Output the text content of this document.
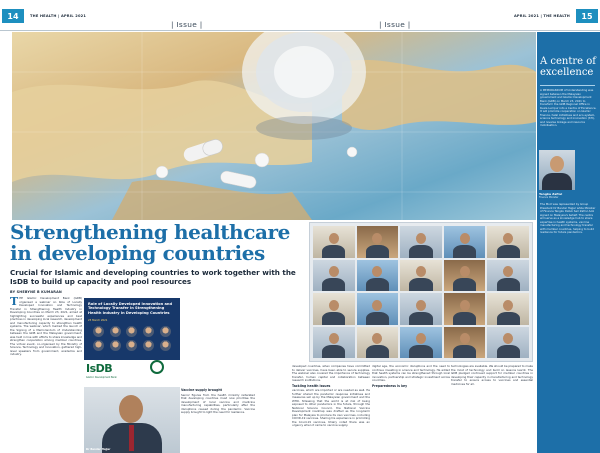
14	THE HEALTH | APRIL 2021	APRIL 2021 | THE HEALTH	15
| Issue |	| Issue |
A centre of excellence
A MEMORANDUM of Understanding was signed between the Malaysian government and Islamic Development Bank (IsDB) on March 23, 2021 to transform the IsDB Regional Office in Kuala Lumpur into a Centre of Excellence. It will promote cooperation on Islamic finance, halal initiatives and eco-system, science technology and innovation (STI), and reverse linkage and resource mobilisation.
Tengku Zafrul
Finance Minister
The MoU was represented by Group President Dr Bandar Hajjar while Minister of Finance Tengku Datuk Seri Zafrul Aziz signed on Malaysia's behalf. The centre will serve as a knowledge hub to share expertise in health systems, vaccine manufacturing and technology transfer with member countries, helping to build resilience for future pandemics.
Strengthening healthcare in developing countries
Crucial for Islamic and developing countries to work together with the IsDB to build up capacity and pool resources
BY SHEBYNE B KUMARAN
T HE Islamic Development Bank (IsDB) organised a webinar on Role of Locally Developed Innovation and Technology Transfer in Strengthening Health Industry in Developing Countries on March 23, 2021, aimed at highlighting successful experiences and best practices in developing local research, development and manufacturing capacity to strengthen health systems. The webinar, which marked the launch of the Signing of a Memorandum of Understanding between the IsDB and the Malaysian government, was held in line with efforts to share knowledge and strengthen cooperation among member countries. The virtual event, co-organised by the Ministry of Science, Technology and Innovation, gathered high-level speakers from government, academia and industry.
Vaccine supply brought
Senior figures from the health ministry reiterated that developing countries must now prioritise the development of local vaccine and medicine manufacturing capabilities, particularly after the disruptions caused during the pandemic. Vaccine supply brought to light the need for resilience.
developed countries, when companies have committed to deliver vaccines, have been able to secure supplies. The webinar also covered the importance of technology transfer, human capital and collaboration between research institutions.
Tackling health issues
vaccines, which are imported or are needed as well. He further shared the pandemic response initiatives and measures set up by the Malaysian government and the WHO. Stressing that the world is at risk of being exposed to other pandemics in the future, through the National Science Council, the National Vaccine Development roadmap was drafted as the long-term plan for Malaysia to produce its own vaccines, including COVID-19 vaccines. Sharing his experience in promoting the Covid-19 vaccines, Khairy noted there was an urgency when it came to vaccine supply.
digital age, the economic disruptions and the need to continue investing in science and technology. He added that health systems can be strengthened through local innovation, partnership and strategic investment across countries.
Preparedness is key
technologies are available. We should be prepared to make the most of technology and build on lessons learnt. The IsDB pledged continued support for member countries in developing their capacity in manufacturing and technology transfer to ensure access to vaccines and essential medicines for all.
Role of Locally Developed Innovation and Technology Transfer in Strengthening Health Industry in Developing Countries
23 March 2021
IsDB
Islamic Development Bank
Dr Bandar Hajjar
